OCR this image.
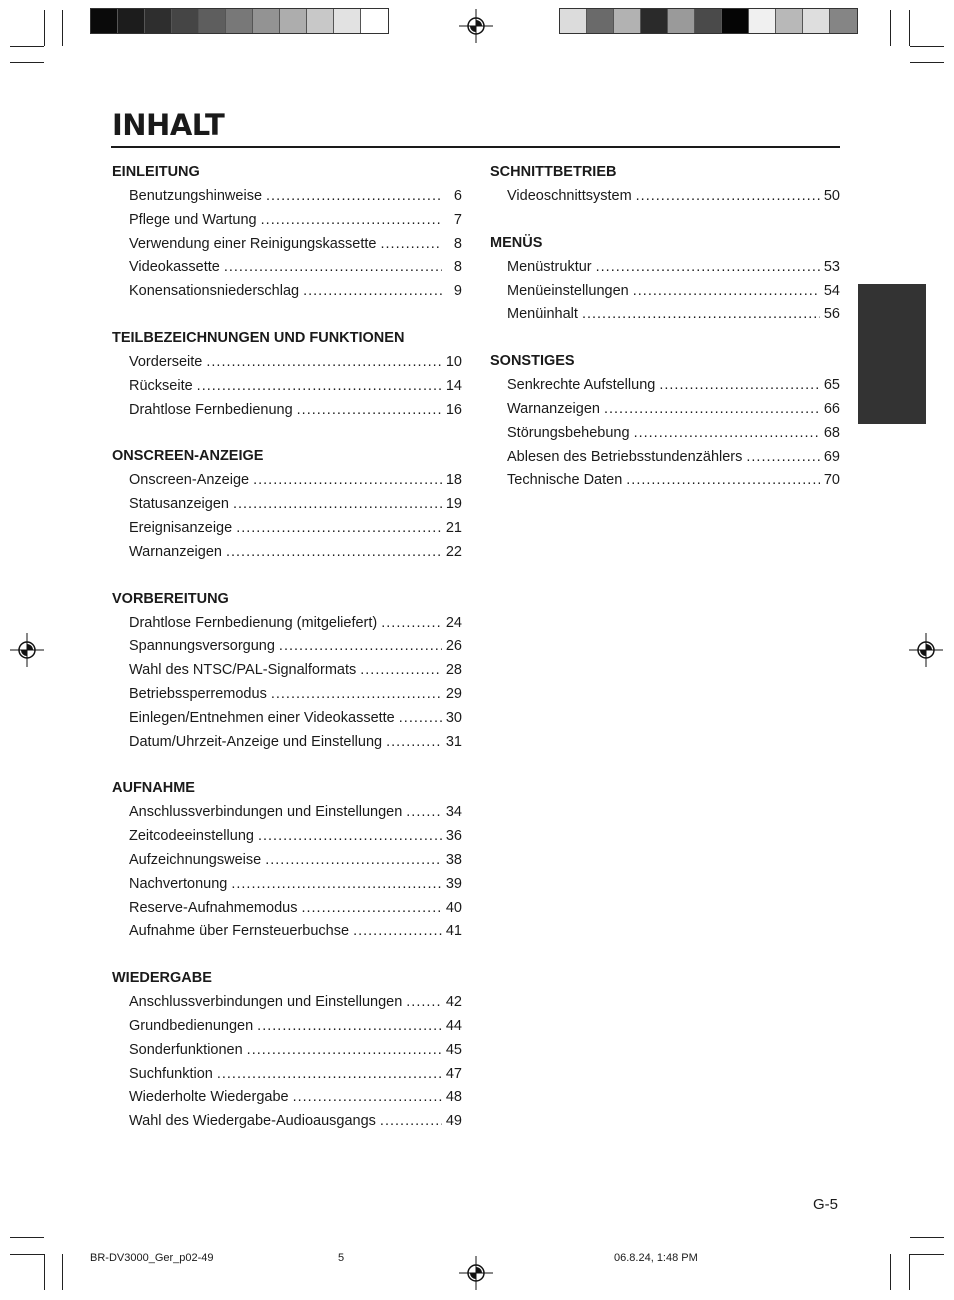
INHALT
EINLEITUNG
Benutzungshinweise .....	6
Pflege und Wartung .....	7
Verwendung einer Reinigungskassette .....	8
Videokassette .....	8
Konensationsniederschlag .....	9
TEILBEZEICHNUNGEN UND FUNKTIONEN
Vorderseite .....	10
Rückseite .....	14
Drahtlose Fernbedienung .....	16
ONSCREEN-ANZEIGE
Onscreen-Anzeige .....	18
Statusanzeigen .....	19
Ereignisanzeige .....	21
Warnanzeigen .....	22
VORBEREITUNG
Drahtlose Fernbedienung (mitgeliefert) .....	24
Spannungsversorgung .....	26
Wahl des NTSC/PAL-Signalformats .....	28
Betriebssperremodus .....	29
Einlegen/Entnehmen einer Videokassette .....	30
Datum/Uhrzeit-Anzeige und Einstellung .....	31
AUFNAHME
Anschlussverbindungen und Einstellungen .....	34
Zeitcodeeinstellung .....	36
Aufzeichnungsweise .....	38
Nachvertonung .....	39
Reserve-Aufnahmemodus .....	40
Aufnahme über Fernsteuerbuchse .....	41
WIEDERGABE
Anschlussverbindungen und Einstellungen .....	42
Grundbedienungen .....	44
Sonderfunktionen .....	45
Suchfunktion .....	47
Wiederholte Wiedergabe .....	48
Wahl des Wiedergabe-Audioausgangs .....	49
SCHNITTBETRIEB
Videoschnittsystem .....	50
MENÜS
Menüstruktur .....	53
Menüeinstellungen .....	54
Menüinhalt .....	56
SONSTIGES
Senkrechte Aufstellung .....	65
Warnanzeigen .....	66
Störungsbehebung .....	68
Ablesen des Betriebsstundenzählers .....	69
Technische Daten .....	70
G-5
BR-DV3000_Ger_p02-49	5	06.8.24, 1:48 PM
